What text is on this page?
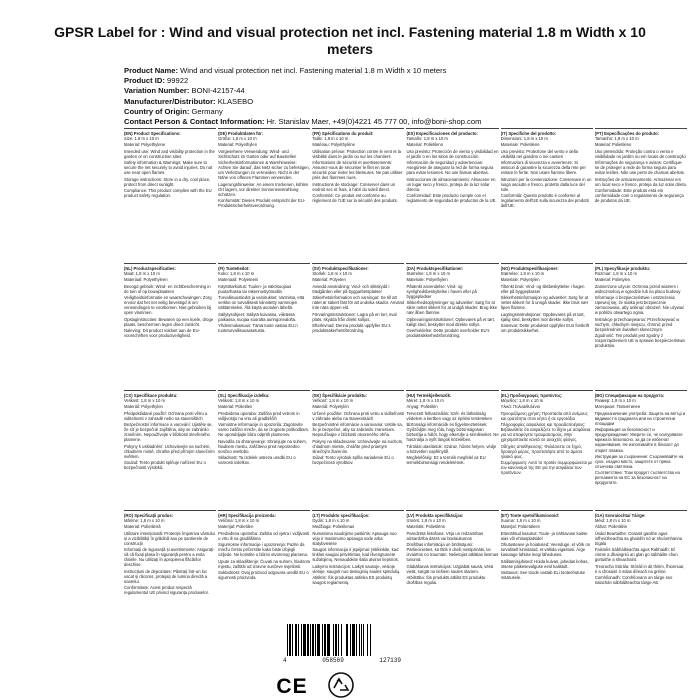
GPSR Label for : Wind and visual protection net incl. Fastening material 1.8 m Width x 10 meters
Product Name: Wind and visual protection net incl. Fastening material 1.8 m Width x 10 meters
Product ID: 99922
Variation Number: BONI-42157-44
Manufacturer/Distributor: KLASEBO
Country of Origin: Germany
Contact Person & Contact Information: Hr. Stanislav Maer, +49(0)4221 45 777 00, info@boni-shop.com
(EN) Product Specifications:

Size: 1.8 m x 10 m

Material: Polyethylene

Intended use: Wind and visibility protection in the garden or on construction sites

Safety information & Warnings: Make sure to secure the net securely to avoid injuries. Do not use near open flames.

Storage instructions: Store in a dry, cool place, protect from direct sunlight.

Compliance: This product complies with the EU product safety regulation.

(DE) Produktdaten für:

Größe: 1,8 m x 10 m

Material: Polyethylen

Vorgesehene Verwendung: Wind- und Sichtschutz im Garten oder auf Baustellen

Sicherheitsinformationen & Warnhinweise: Achten Sie darauf, das Netz sicher zu befestigen, um Verletzungen zu vermeiden. Nicht in der Nähe von offenen Flammen verwenden.

Lagerungshinweise: An einem trockenen, kühlen Ort lagern, vor direkter Sonneneinstrahlung schützen.

Konformität: Dieses Produkt entspricht der EU-Produktsicherheitsverordnung.

(FR) Spécifications du produit:

Taille: 1,8 m x 10 m

Matériau: Polyéthylène

Utilisation prévue: Protection contre le vent et la visibilité dans le jardin ou sur les chantiers

Informations de sécurité et avertissements: Assurez-vous de sécuriser le filet en toute sécurité pour éviter les blessures. Ne pas utiliser près des flammes nues.

Instructions de stockage: Conserver dans un endroit sec et frais, à l'abri du soleil direct.

Conformité: Ce produit est conforme au règlement de l'UE sur la sécurité des produits.

(ES) Especificaciones del producto:

Tamaño: 1,8 m x 10 m

Material: Polietileno

Uso previsto: Protección de viento y visibilidad en el jardín o en los sitios de construcción

Información de seguridad y advertencias: Asegúrese de asegurar la red de forma segura para evitar lesiones. No use llamas abiertas.

Instrucciones de almacenamiento: Almacene en un lugar seco y fresco, proteja de la luz solar directa.

Conformidad: Este producto cumple con el reglamento de seguridad de productos de la UE.

(IT) Specifiche del prodotto:

Dimensioni: 1,8 m x 10 m

Materiale: Polietilene

Uso previsto: Protezione del vento e della visibilità nel giardino o nei cantieri

Informazioni di sicurezza e avvertenze: Si assicuri di garantire la sicurezza della rete per evitare le ferite. Non usare fiamme libere.

Istruzioni per la conservazione: Conservare in un luogo asciutto e fresco, protetto dalla luce del sole.

Conformità: Questo prodotto è conforme al regolamento dell'UE sulla sicurezza dei prodotti dell'UE.

(PT) Especificações do produto:

Tamanho: 1,8 m x 10 m

Material: Polietileno

Uso pretendido: Proteção contra o vento e visibilidade no jardim ou em locais de construção

Informações de segurança e avisos: Certifique-se de proteger a rede de forma segura para evitar lesões. Não use perto de chamas abertas.

Instruções de armazenamento: Armazenar em um local seco e fresco, proteja da luz solar direta.

Conformidade: Este produto está em conformidade com o regulamento de segurança de produtos da UE.

(NL) Productspecificaties:

Maat: 1,8 m x 10 m

Materiaal: Polyethyleen

Beoogd gebruik: Wind- en zichtbescherming in de tuin of op bouwplaatsen

Veiligheidsinformatie en waarschuwingen: Zorg ervoor dat het net veilig bevestigd is om verwondingen te voorkomen. Niet gebruiken bij open vlammen.

Opslaginstructies: Bewaren op een koele, droge plaats, beschermen tegen direct zonlicht.

Naleving: Dit product voldoet aan de EU-voorschriften voor productveiligheid.

(FI) Tuotetiedot:

Koko: 1,8 m x 10 m

Materiaali: Polyeteeni

Käyttötarkoitus: Tuulen- ja näkösuojaus puutarhassa tai rakennustyömailla

Turvallisuustiedot ja varoitukset: Varmista, että verkko on turvallisesti kiinnitetty vammojen välttämiseksi. Älä käytä avotulen lähellä.

Säilytysohjeet: Säilytä kuivassa, viileässä paikassa, suojaa suoralta auringonvalolta.

Yhdenmukaisuus: Tämä tuote vastaa EU:n tuoteturvallisuusasetusta.

(SV) Produktspecifikationer:

Storlek: 1,8 m x 10 m

Material: Polyeten

Avsedd användning: Vind- och siktskydd i trädgården eller på byggarbetsplatser

Säkerhetsinformation och varningar: Se till att nätet är säkert fäst för att undvika skador. Använd inte nära öppen eld.

Förvaringsinstruktioner: Lagra på en torr, sval plats, skydda från direkt solljus.

Efterlevnad: Denna produkt uppfyller EU:s produktsäkerhetsförordning.

(DA) Produktspecifikationer:

Størrelse: 1,8 m x 10 m

Materiale: Polyethylen

Påtænkt anvendelse: Vind- og synlighedsbeskyttelse i haven eller på byggepladser

Sikkerhedsoplysninger og advarsler: Sørg for at sikre nettet sikkert for at undgå skader. Brug ikke nær åben flamme.

Opbevaringsinstruktioner: Opbevares på et tørt, køligt sted, beskyttet mod direkte sollys.

Overholdelse: Dette produkt overholder EU's produktsikkerhedsforordning.

(NO) Produktspesifikasjoner:

Størrelse: 1,8 m x 10 m

Materiale: Polyetylen

Tiltenkt bruk: Vind- og siktbeskyttelse i hagen eller på byggeplasser

Sikkerhetsinformasjon og advarsler: Sørg for at nettet sikkert for å unngå skader. Ikke bruk nær åpen flamme.

Lagringsinstruksjoner: Oppbevares på et tørt, kjølig sted, beskyttes mot direkte sollys.

Samsvar: Dette produktet oppfyller EUs forskrift om produktsikkerhet.

(PL) Specyfikacje produktu:

Rozmiar: 1,8 m x 10 m

Materiał: Polietylen

Zamierzone użycie: Ochrona przed wiatrem i widocznością w ogrodzie lub na placu budowy

Informacje o bezpieczeństwie i ostrzeżenia: Upewnij się, że siatka jest bezpiecznie zamocowana, aby uniknąć obrażeń. Nie używać w pobliżu otwartego ognia.

Instrukcje przechowywania: Przechowywać w suchym, chłodnym miejscu, chronić przed bezpośrednim światłem słonecznym.

Zgodność: Ten produkt jest zgodny z rozporządzeniem UE w sprawie bezpieczeństwa produktów.

(CS) Specifikace produktu:

Velikost: 1,8 m x 10 m

Materiál: Polyethylen

Předpokládané použití: Ochrana proti větru a viditelnosti v zahradě nebo na staveništích

Bezpečnostní informace a varování: Ujistěte se, že síť je bezpečně zajištěna, aby se zabránilo zraněním. Nepoužívejte v blízkosti otevřeného plamene.

Pokyny k uskladnění: Uchovávejte na suchém, chladném místě, chraňte před přímým slunečním světlem.

Soulad: Tento produkt splňuje nařízení EU o bezpečnosti výrobků.

(SL) Specifikacije izdelka:

Velikost: 1,8 m x 10 m

Material: Polietilen

Predvidena uporaba: Zaščita pred vetrom in vidljivostjo na vrtu ali gradbiščih

Varnostne informacije in opozorila: Zagotovite varno zaščito mreže, da se izognete poškodbam. Ne uporabljajte blizu odprtih plamenov.

Navodila za shranjevanje: Shranjujte na suhem, hladnem mestu, zaščiteno pred neposredno sončno svetlobo.

Skladnost: Ta izdelek ustreza uredbi EU o varnosti izdelkov.

(SK) Špecifikácie produktu:

Veľkosť: 1,8 m x 10 m

Materiál: Polyetylén

Určené použitie: Ochrana proti vetru a viditeľnosti v záhrade alebo na staveniskách

Bezpečnostné informácie a varovania: Uistite sa, že je bezpečné, aby sa zabránilo zraneniam. Nepoužívajte v blízkosti otvoreného ohňa.

Pokyny na skladovanie: Uchovávajte na suchom, chladnom mieste, chráňte pred priamym slnečným žiarením.

Súlad: Tento výrobok spĺňa nariadenie EÚ o bezpečnosti výrobkov.

(HU) Termékjellemzők:

Méret: 1,8 m x 10 m

Anyag: Polietilén

Tervezett felhasználás: Szél- és láthatóság védelem a kertben vagy az építési területeken

Biztonsági információk és figyelmeztetések: Győződjön meg róla, hogy biztonságosan biztosítja a hálót, hogy elkerülje a sérüléseket. Ne használja a nyílt lángok közelében.

Tárolási utasítások: Száraz, hűvös helyen, védje a közvetlen napfénytől.

Megfelelőség: Ez a termék megfelel az EU termékbiztonsági rendeletének.

(EL) Προδιαγραφές προϊόντος:

Μέγεθος: 1,8 m x 10 m

Υλικό: Πολυαιθυλένιο

Προοριζόμενη χρήση: Προστασία από ανέμους και ορατότητα στον κήπο ή σε εργοτάξια

Πληροφορίες ασφαλείας και προειδοποιήσεις: Βεβαιωθείτε ότι ασφαλίζετε το δίχτυ με ασφάλεια για να αποφύγετε τραυματισμούς. Μην χρησιμοποιείτε κοντά σε ανοιχτές φλόγες.

Οδηγίες αποθήκευσης: Φυλάσσετε σε ξηρό, δροσερό μέρος, προστατέψτε από το άμεσο ηλιακό φως.

Συμμόρφωση: Αυτό το προϊόν συμμορφώνεται με τον κανονισμό της ΕΕ για την ασφάλεια των προϊόντων.

(BG) Спецификации на продукта:

Размер: 1,8 m x 10 m

Материал: Полиетилен

Предназначение употреба: Защита на вятър и видимост в градината или на строителни площадки

Информация за безопасност и предупреждения: Уверете се, че осигурявате мрежата безопасно, за да се избегнат наранявания. Не използвайте в близост до открит пламък.

Инструкции за съхранение: Съхранявайте на сухо, хладно място, защитете от пряка слънчева светлина.

Съответствие: Този продукт съответства на регламента на ЕС за безопасност на продуктите.

(RO) Specificații produs:

Mărime: 1,8 m x 10 m

Material: Polietilenă

Utilizare intenționată: Protecție împotriva vântului și a vizibilității în grădină sau pe șantierele de construcții

Informații de siguranță și avertismente: Asigurați-vă că fixați plasa în siguranță pentru a evita rănirile. Nu utilizați în apropierea flăcărilor deschise.

Instrucțiuni de depozitare: Păstrați într-un loc uscat și răcoros, protejați de lumina directă a soarelui.

Conformitate: Acest produs respectă regulamentul UE privind siguranța produselor.

(HR) Specifikacija proizvoda:

Veličina: 1,8 m x 10 m

Materijal: Polietilen

Predviđena upotreba: Zaštita od vjetra i vidljivosti u vrtu ili na gradilištima

Sigurnosne informacije i upozorenja: Pazite da mrežu čvrsto pričvrstite kako biste izbjegli ozljede. Ne koristite u blizini otvorenog plamena.

Upute za skladištenje: Čuvati na suhom, hladnom mjestu, zaštititi od izravne sunčeve svjetlosti.

Sukladnost: Ovaj proizvod odgovara uredbi EU o sigurnosti proizvoda.

(LT) Produkto specifikacijos:

Dydis: 1,8 m x 10 m

Medžiaga: Polietilenas

Numatoma naudojimo paskirtis: Apsauga nuo vėjo ir matomumo apsauga sode arba statybvietėse

Saugos informacija ir įspėjimai: Įsitikinkite, kad tinklas saugiai pritvirtintas, kad išvengtumėte sužalojimų. Nenaudokite šalia atviros liepsnos.

Laikymo instrukcijos: Laikyti sausoje, vėsioje vietoje, saugoti nuo tiesioginių saulės spindulių.

Atitiktis: Šis produktas atitinka ES produktų saugos reglamentą.

(LV) Produkta specifikācijas:

Izmērs: 1,8 m x 10 m

Materiāls: Polietilēns

Paredzētā lietošana: Vēja un redzamības aizsardzība dārzā vai būvlaukumos

Drošības informācija un brīdinājumi: Pārliecinieties, ka tīkls ir droši nostiprināts, lai izvairītos no traumām. Nelietojiet atklātas liesmas tuvumā.

Glabāšanas instrukcijas: Uzglabāt sausā, vēsā vietā, sargāt no tiešiem saules stariem.

Atbilstība: Šis produkts atbilst ES produktu drošības regulai.

(ET) Toote spetsifikatsioonid:

Suurus: 1,8 m x 10 m

Materjal: Polüetüleen

Ettenähtud kasutus: Tuule- ja nähtavuse kaitse aias või ehitusplatsidel

Ohutusteave ja hoiatused: Veenduge, et võrk on turvaliselt kinnitatud, et vältida vigastusi. Ärge kasutage lahtise leegi läheduses.

Säilitamisjuhised: Hoida kuivas, jahedas kohas, otsese päikesevalguse eest kaitstult.

Vastavus: See toode vastab ELi tooteohutuse määrusele.

(GA) Sonraíochtaí Táirge:

Méid: 1,8 m x 10 m

Ábhar: Poileitiléin

Úsáid Beartaithe: Cosaint gaoithe agus infheictheachta sa ghairdín nó ar shuíomhanna tógála

Faisnéis Sábháilteachta agus Rabhaidh: Bí cinnte a dhaingniú an glan go sábháilte chun gortuithe a sheachaint.

Treoracha Stórála: Stóráil in áit thirim, fhionnuar, é a chosaint ó solas díreach na gréine.

Comhlíonadh: Comhlíonann an táirge seo rialachán sábháilteachta táirge AE.

4	058569	127139
CE
